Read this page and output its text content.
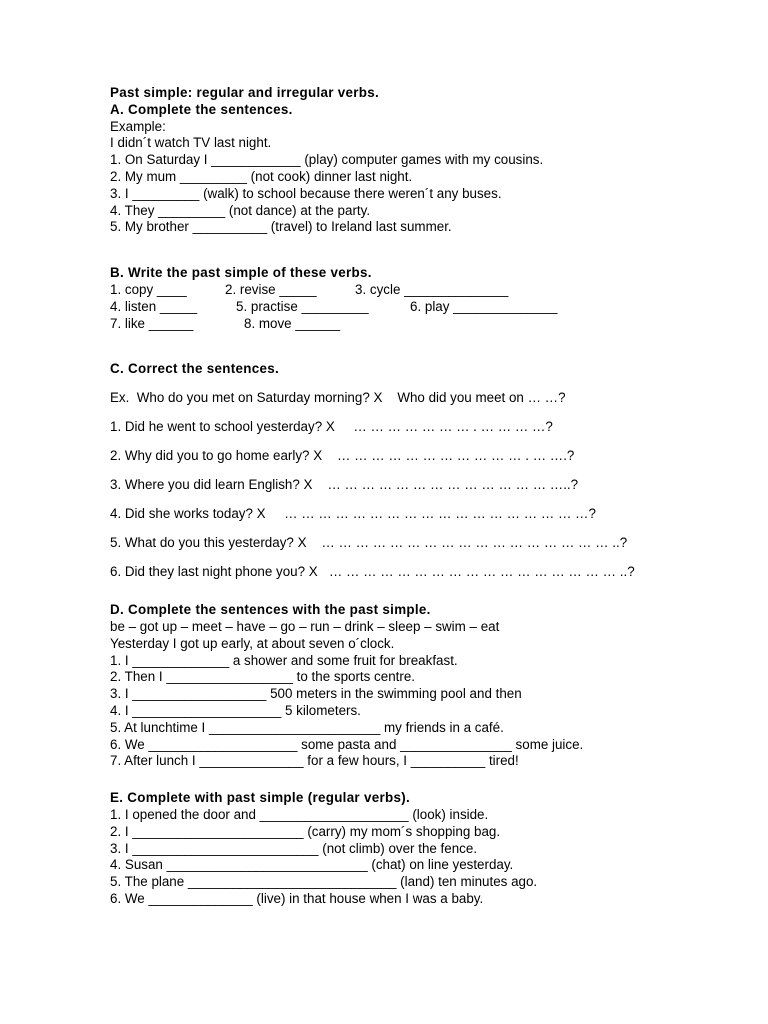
Past simple: regular and irregular verbs.
A. Complete the sentences.
Example:
I didn´t watch TV last night.
1. On Saturday I ____________ (play) computer games with my cousins.
2. My mum _________ (not cook) dinner last night.
3. I _________ (walk) to school because there weren´t any buses.
4. They _________ (not dance) at the party.
5. My brother __________ (travel) to Ireland last summer.
B. Write the past simple of these verbs.
1. copy ____	2. revise _____	3. cycle ______________
4. listen _____	5. practise _________	6. play ______________
7. like ______	8. move ______
C. Correct the sentences.
Ex.  Who do you met on Saturday morning? X Who did you meet on … …?
1. Did he went to school yesterday? X … … … … … … … . … … … …?
2. Why did you to go home early? X … … … … … … … … … … … . … ….?
3. Where you did learn English? X … … … … … … … … … … … … … …..?
4. Did she works today? X … … … … … … … … … … … … … … … … … …?
5. What do you this yesterday? X … … … … … … … … … … … … … … … … … ..?
6. Did they last night phone you? X … … … … … … … … … … … … … … … … … ..?
D. Complete the sentences with the past simple.
be – got up – meet – have – go – run – drink – sleep – swim – eat
Yesterday I got up early, at about seven o´clock.
1. I _____________ a shower and some fruit for breakfast.
2. Then I _________________ to the sports centre.
3. I __________________ 500 meters in the swimming pool and then
4. I ____________________ 5 kilometers.
5. At lunchtime I _______________________ my friends in a café.
6. We ____________________ some pasta and _______________ some juice.
7. After lunch I ______________ for a few hours, I __________ tired!
E. Complete with past simple (regular verbs).
1. I opened the door and ____________________ (look) inside.
2. I _______________________ (carry) my mom´s shopping bag.
3. I _________________________ (not climb) over the fence.
4. Susan ___________________________ (chat) on line yesterday.
5. The plane ____________________________ (land) ten minutes ago.
6. We ______________ (live) in that house when I was a baby.
